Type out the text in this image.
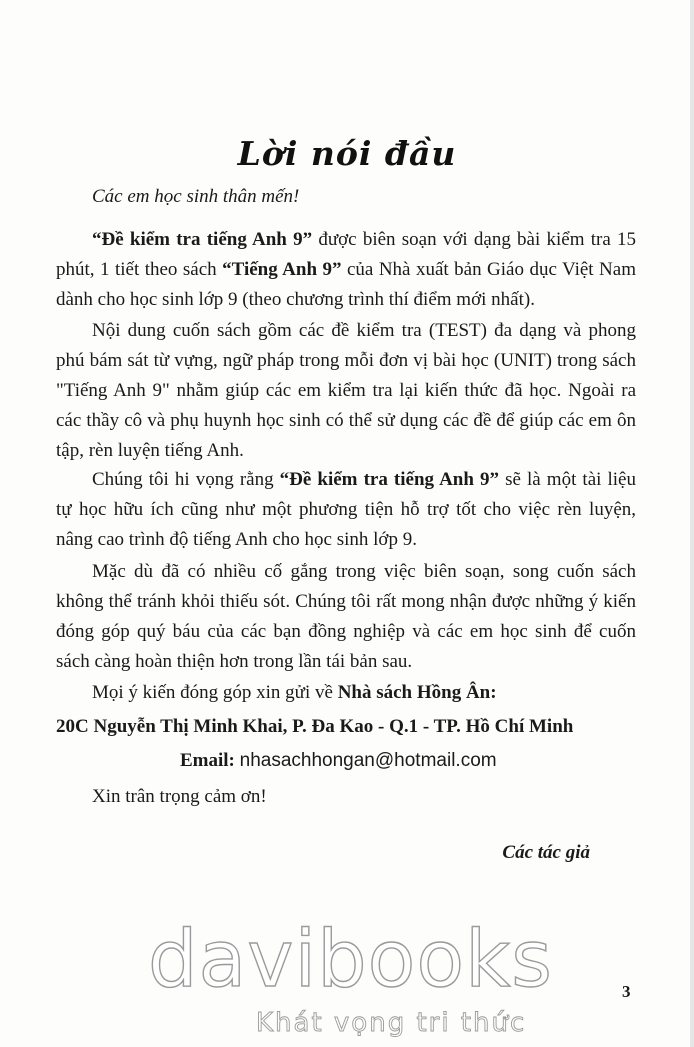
Lời nói đầu

Các em học sinh thân mến!

“Đề kiểm tra tiếng Anh 9” được biên soạn với dạng bài kiểm tra 15 phút, 1 tiết theo sách “Tiếng Anh 9” của Nhà xuất bản Giáo dục Việt Nam dành cho học sinh lớp 9 (theo chương trình thí điểm mới nhất).

Nội dung cuốn sách gồm các đề kiểm tra (TEST) đa dạng và phong phú bám sát từ vựng, ngữ pháp trong mỗi đơn vị bài học (UNIT) trong sách "Tiếng Anh 9" nhằm giúp các em kiểm tra lại kiến thức đã học. Ngoài ra các thầy cô và phụ huynh học sinh có thể sử dụng các đề để giúp các em ôn tập, rèn luyện tiếng Anh.

Chúng tôi hi vọng rằng “Đề kiểm tra tiếng Anh 9” sẽ là một tài liệu tự học hữu ích cũng như một phương tiện hỗ trợ tốt cho việc rèn luyện, nâng cao trình độ tiếng Anh cho học sinh lớp 9.

Mặc dù đã có nhiều cố gắng trong việc biên soạn, song cuốn sách không thể tránh khỏi thiếu sót. Chúng tôi rất mong nhận được những ý kiến đóng góp quý báu của các bạn đồng nghiệp và các em học sinh để cuốn sách càng hoàn thiện hơn trong lần tái bản sau.

Mọi ý kiến đóng góp xin gửi về Nhà sách Hồng Ân:

20C Nguyễn Thị Minh Khai, P. Đa Kao - Q.1 - TP. Hồ Chí Minh

Email: nhasachhongan@hotmail.com

Xin trân trọng cảm ơn!

Các tác giả

davibooks
Khát vọng tri thức

3
